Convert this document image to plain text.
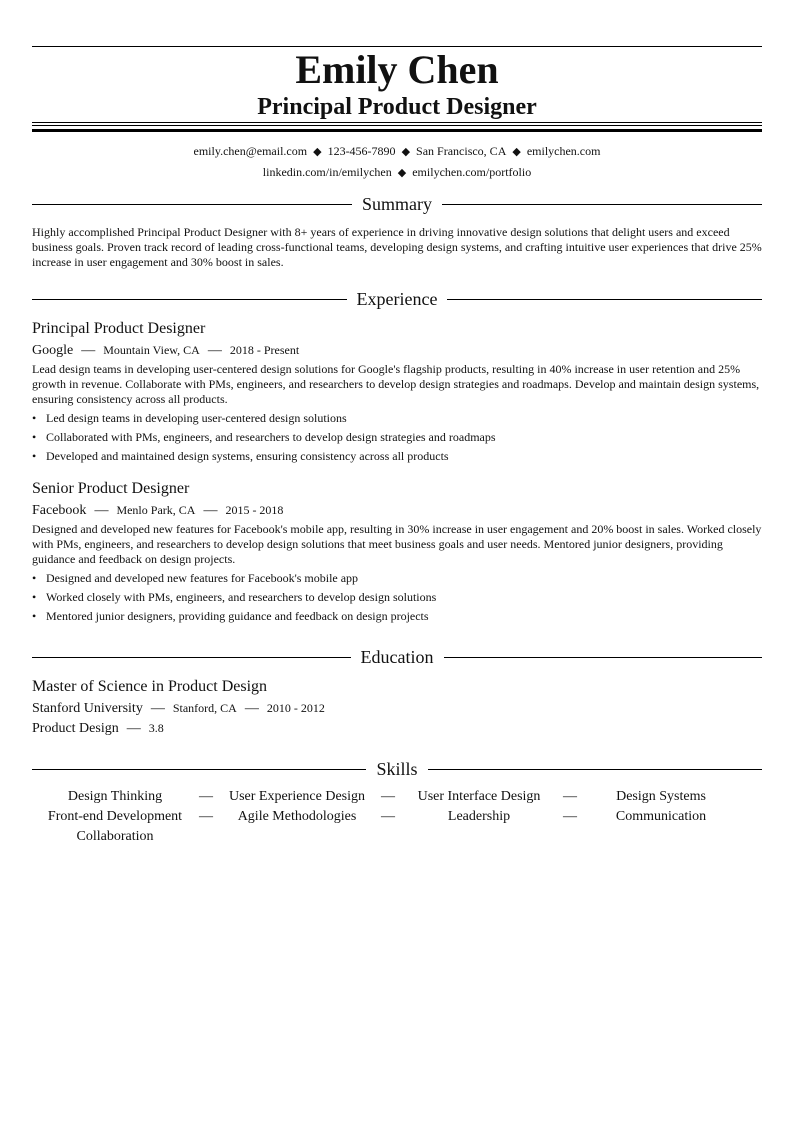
Emily Chen
Principal Product Designer
emily.chen@email.com ◆ 123-456-7890 ◆ San Francisco, CA ◆ emilychen.com
linkedin.com/in/emilychen ◆ emilychen.com/portfolio
Summary
Highly accomplished Principal Product Designer with 8+ years of experience in driving innovative design solutions that delight users and exceed business goals. Proven track record of leading cross-functional teams, developing design systems, and crafting intuitive user experiences that drive 25% increase in user engagement and 30% boost in sales.
Experience
Principal Product Designer
Google — Mountain View, CA — 2018 - Present
Lead design teams in developing user-centered design solutions for Google's flagship products, resulting in 40% increase in user retention and 25% growth in revenue. Collaborate with PMs, engineers, and researchers to develop design strategies and roadmaps. Develop and maintain design systems, ensuring consistency across all products.
• Led design teams in developing user-centered design solutions
• Collaborated with PMs, engineers, and researchers to develop design strategies and roadmaps
• Developed and maintained design systems, ensuring consistency across all products
Senior Product Designer
Facebook — Menlo Park, CA — 2015 - 2018
Designed and developed new features for Facebook's mobile app, resulting in 30% increase in user engagement and 20% boost in sales. Worked closely with PMs, engineers, and researchers to develop design solutions that meet business goals and user needs. Mentored junior designers, providing guidance and feedback on design projects.
• Designed and developed new features for Facebook's mobile app
• Worked closely with PMs, engineers, and researchers to develop design solutions
• Mentored junior designers, providing guidance and feedback on design projects
Education
Master of Science in Product Design
Stanford University — Stanford, CA — 2010 - 2012
Product Design — 3.8
Skills
Design Thinking	—	User Experience Design	—	User Interface Design	—	Design Systems
Front-end Development	—	Agile Methodologies	—	Leadership	—	Communication
Collaboration
